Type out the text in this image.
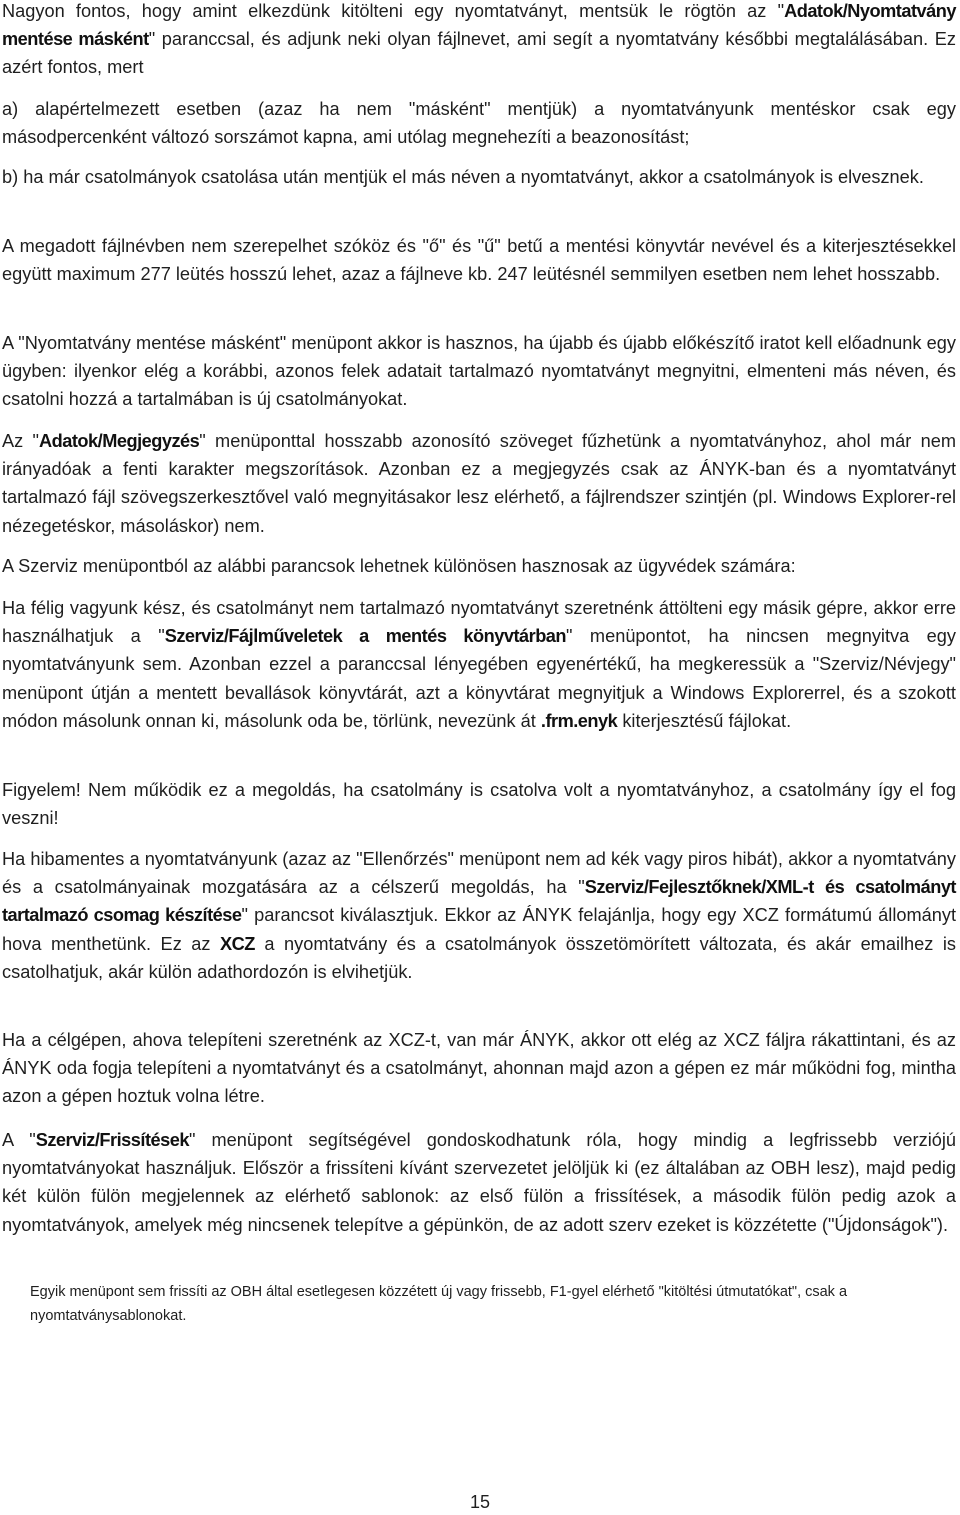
Nagyon fontos, hogy amint elkezdünk kitölteni egy nyomtatványt, mentsük le rögtön az "Adatok/Nyomtatvány mentése másként" paranccsal, és adjunk neki olyan fájlnevet, ami segít a nyomtatvány későbbi megtalálásában. Ez azért fontos, mert

a) alapértelmezett esetben (azaz ha nem "másként" mentjük) a nyomtatványunk mentéskor csak egy másodpercenként változó sorszámot kapna, ami utólag megnehezíti a beazonosítást;

b) ha már csatolmányok csatolása után mentjük el más néven a nyomtatványt, akkor a csatolmányok is elvesznek.

A megadott fájlnévben nem szerepelhet szóköz és "ő" és "ű" betű a mentési könyvtár nevével és a kiterjesztésekkel együtt maximum 277 leütés hosszú lehet, azaz a fájlneve kb. 247 leütésnél semmilyen esetben nem lehet hosszabb.

A "Nyomtatvány mentése másként" menüpont akkor is hasznos, ha újabb és újabb előkészítő iratot kell előadnunk egy ügyben: ilyenkor elég a korábbi, azonos felek adatait tartalmazó nyomtatványt megnyitni, elmenteni más néven, és csatolni hozzá a tartalmában is új csatolmányokat.

Az "Adatok/Megjegyzés" menüponttal hosszabb azonosító szöveget fűzhetünk a nyomtatványhoz, ahol már nem irányadóak a fenti karakter megszorítások. Azonban ez a megjegyzés csak az ÁNYK-ban és a nyomtatványt tartalmazó fájl szövegszerkesztővel való megnyitásakor lesz elérhető, a fájlrendszer szintjén (pl. Windows Explorer-rel nézegetéskor, másoláskor) nem.

A Szerviz menüpontból az alábbi parancsok lehetnek különösen hasznosak az ügyvédek számára:

Ha félig vagyunk kész, és csatolmányt nem tartalmazó nyomtatványt szeretnénk áttölteni egy másik gépre, akkor erre használhatjuk a "Szerviz/Fájlműveletek a mentés könyvtárban" menüpontot, ha nincsen megnyitva egy nyomtatványunk sem. Azonban ezzel a paranccsal lényegében egyenértékű, ha megkeressük a "Szerviz/Névjegy" menüpont útján a mentett bevallások könyvtárát, azt a könyvtárat megnyitjuk a Windows Explorerrel, és a szokott módon másolunk onnan ki, másolunk oda be, törlünk, nevezünk át .frm.enyk kiterjesztésű fájlokat.

Figyelem! Nem működik ez a megoldás, ha csatolmány is csatolva volt a nyomtatványhoz, a csatolmány így el fog veszni!

Ha hibamentes a nyomtatványunk (azaz az "Ellenőrzés" menüpont nem ad kék vagy piros hibát), akkor a nyomtatvány és a csatolmányainak mozgatására az a célszerű megoldás, ha "Szerviz/Fejlesztőknek/XML-t és csatolmányt tartalmazó csomag készítése" parancsot kiválasztjuk. Ekkor az ÁNYK felajánlja, hogy egy XCZ formátumú állományt hova menthetünk. Ez az XCZ a nyomtatvány és a csatolmányok összetömörített változata, és akár emailhez is csatolhatjuk, akár külön adathordozón is elvihetjük.

Ha a célgépen, ahova telepíteni szeretnénk az XCZ-t, van már ÁNYK, akkor ott elég az XCZ fáljra rákattintani, és az ÁNYK oda fogja telepíteni a nyomtatványt és a csatolmányt, ahonnan majd azon a gépen ez már működni fog, mintha azon a gépen hoztuk volna létre.

A "Szerviz/Frissítések" menüpont segítségével gondoskodhatunk róla, hogy mindig a legfrissebb verziójú nyomtatványokat használjuk. Először a frissíteni kívánt szervezetet jelöljük ki (ez általában az OBH lesz), majd pedig két külön fülön megjelennek az elérhető sablonok: az első fülön a frissítések, a második fülön pedig azok a nyomtatványok, amelyek még nincsenek telepítve a gépünkön, de az adott szerv ezeket is közzétette ("Újdonságok").

Egyik menüpont sem frissíti az OBH által esetlegesen közzétett új vagy frissebb, F1-gyel elérhető "kitöltési útmutatókat", csak a nyomtatványsablonokat.

15
